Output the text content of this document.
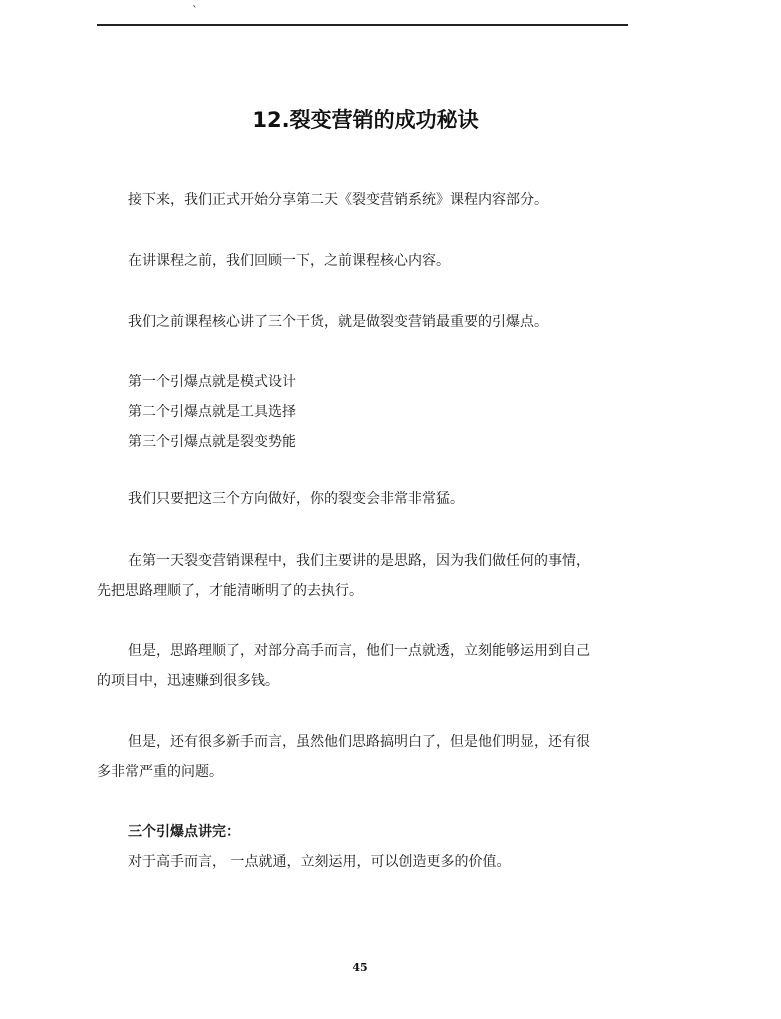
`
12.裂变营销的成功秘诀
接下来，我们正式开始分享第二天《裂变营销系统》课程内容部分。
在讲课程之前，我们回顾一下，之前课程核心内容。
我们之前课程核心讲了三个干货，就是做裂变营销最重要的引爆点。
第一个引爆点就是模式设计
第二个引爆点就是工具选择
第三个引爆点就是裂变势能
我们只要把这三个方向做好，你的裂变会非常非常猛。
在第一天裂变营销课程中，我们主要讲的是思路，因为我们做任何的事情，
先把思路理顺了，才能清晰明了的去执行。
但是，思路理顺了，对部分高手而言，他们一点就透，立刻能够运用到自己
的项目中，迅速赚到很多钱。
但是，还有很多新手而言，虽然他们思路搞明白了，但是他们明显，还有很
多非常严重的问题。
三个引爆点讲完：
对于高手而言， 一点就通，立刻运用，可以创造更多的价值。
45
